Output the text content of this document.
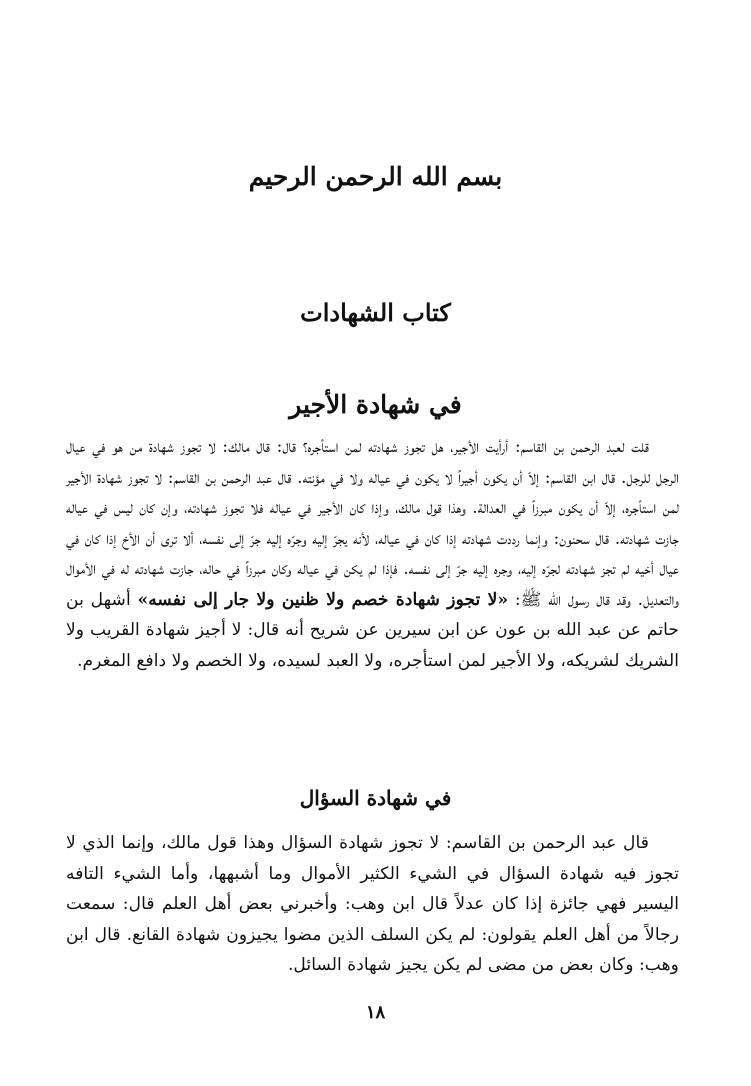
بسم الله الرحمن الرحيم
كتاب الشهادات
في شهادة الأجير

قلت لعبد الرحمن بن القاسم: أرأيت الأجير، هل تجوز شهادته لمن استأجره؟ قال: قال مالك: لا تجوز شهادة من هو في عيال الرجل للرجل. قال ابن القاسم: إلاّ أن يكون أجيراً لا يكون في عياله ولا في مؤنته. قال عبد الرحمن بن القاسم: لا تجوز شهادة الأجير لمن استأجره، إلاّ أن يكون مبرزاً في العدالة. وهذا قول مالك، وإذا كان الأجير في عياله فلا تجوز شهادته، وإن كان ليس في عياله جازت شهادته. قال سحنون: وإنما رددت شهادته إذا كان في عياله، لأنه يجرّ إليه وجرّه إليه جرّ إلى نفسه، ألا ترى أن الأخ إذا كان في عيال أخيه لم تجز شهادته لجرّه إليه، وجره إليه جرّ إلى نفسه. فإذا لم يكن في عياله وكان مبرزاً في حاله، جازت شهادته له في الأموال والتعديل. وقد قال رسول الله ﷺ: «لا تجوز شهادة خصم ولا ظنين ولا جار إلى نفسه» أشهل بن حاتم عن عبد الله بن عون عن ابن سيرين عن شريح أنه قال: لا أجيز شهادة القريب ولا الشريك لشريكه، ولا الأجير لمن استأجره، ولا العبد لسيده، ولا الخصم ولا دافع المغرم.

في شهادة السؤال

قال عبد الرحمن بن القاسم: لا تجوز شهادة السؤال وهذا قول مالك، وإنما الذي لا تجوز فيه شهادة السؤال في الشيء الكثير الأموال وما أشبهها، وأما الشيء التافه اليسير فهي جائزة إذا كان عدلاً قال ابن وهب: وأخبرني بعض أهل العلم قال: سمعت رجالاً من أهل العلم يقولون: لم يكن السلف الذين مضوا يجيزون شهادة القانع. قال ابن وهب: وكان بعض من مضى لم يكن يجيز شهادة السائل.

١٨
